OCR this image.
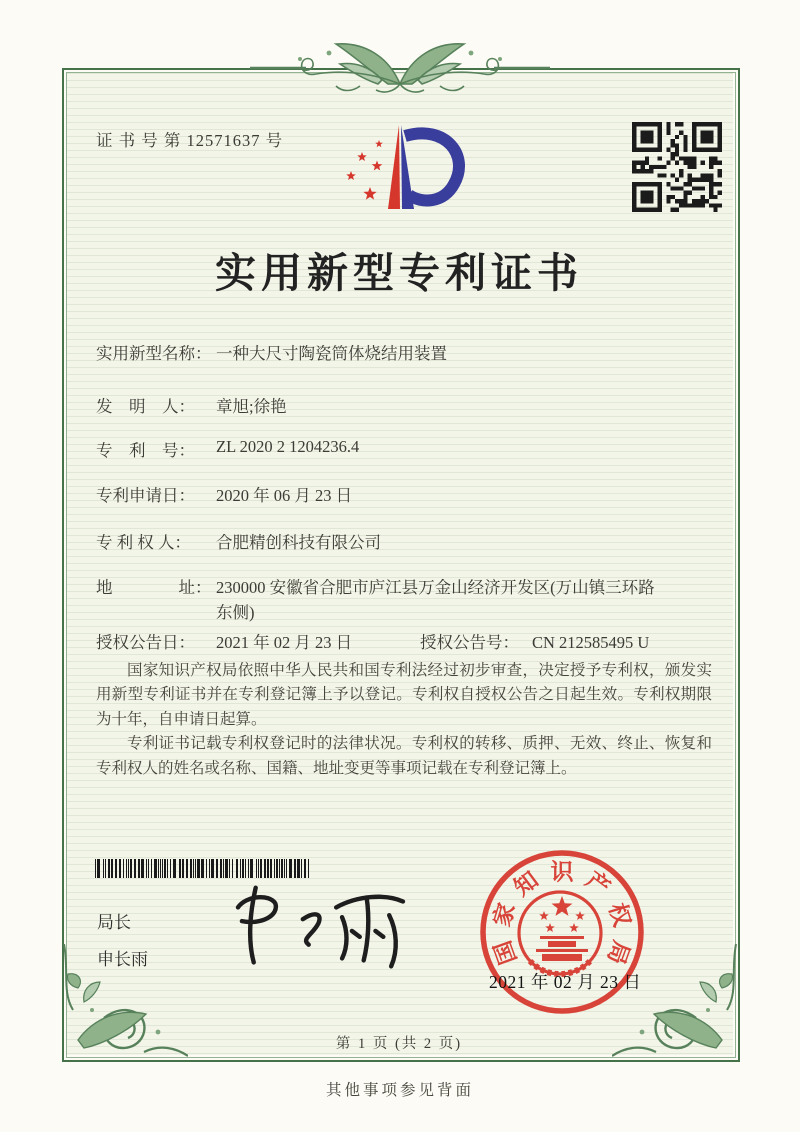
证 书 号 第 12571637 号
实用新型专利证书
实用新型名称： 一种大尺寸陶瓷筒体烧结用装置
发　明　人： 章旭;徐艳
专　利　号： ZL 2020 2 1204236.4
专利申请日： 2020 年 06 月 23 日
专 利 权 人： 合肥精创科技有限公司
地　　　　址： 230000 安徽省合肥市庐江县万金山经济开发区(万山镇三环路东侧)
授权公告日： 2021 年 02 月 23 日	授权公告号： CN 212585495 U

国家知识产权局依照中华人民共和国专利法经过初步审查，决定授予专利权，颁发实用新型专利证书并在专利登记簿上予以登记。专利权自授权公告之日起生效。专利权期限为十年，自申请日起算。

专利证书记载专利权登记时的法律状况。专利权的转移、质押、无效、终止、恢复和专利权人的姓名或名称、国籍、地址变更等事项记载在专利登记簿上。

局长
申长雨	国
家
知 识 产
权
局
2021 年 02 月 23 日
第 1 页 (共 2 页)
其他事项参见背面
